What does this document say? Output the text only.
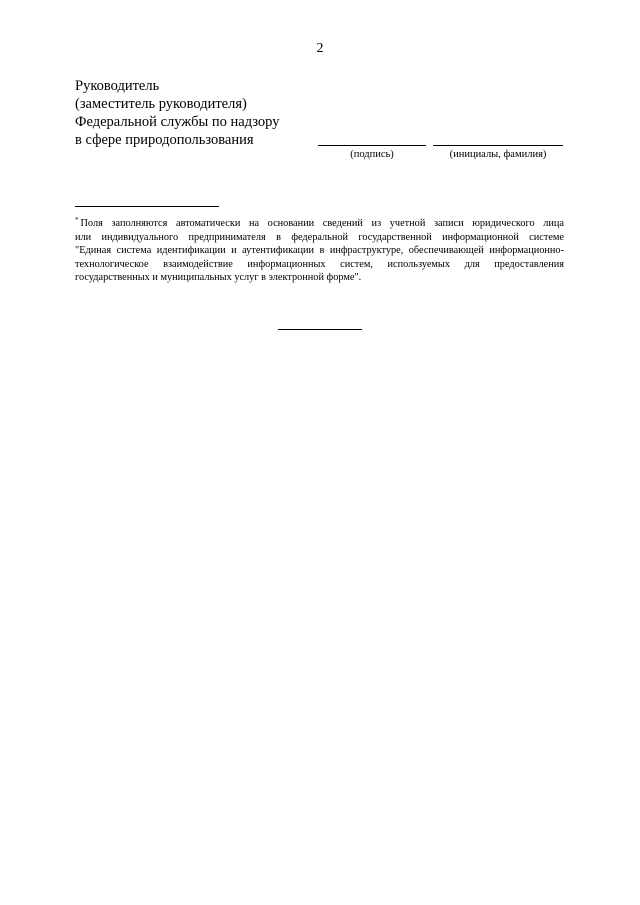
2
Руководитель
(заместитель руководителя)
Федеральной службы по надзору
в сфере природопользования
(подпись)	(инициалы, фамилия)
* Поля заполняются автоматически на основании сведений из учетной записи юридического лица
или индивидуального предпринимателя в федеральной государственной информационной системе
"Единая система идентификации и аутентификации в инфраструктуре, обеспечивающей информационно-
технологическое взаимодействие информационных систем, используемых для предоставления
государственных и муниципальных услуг в электронной форме".
